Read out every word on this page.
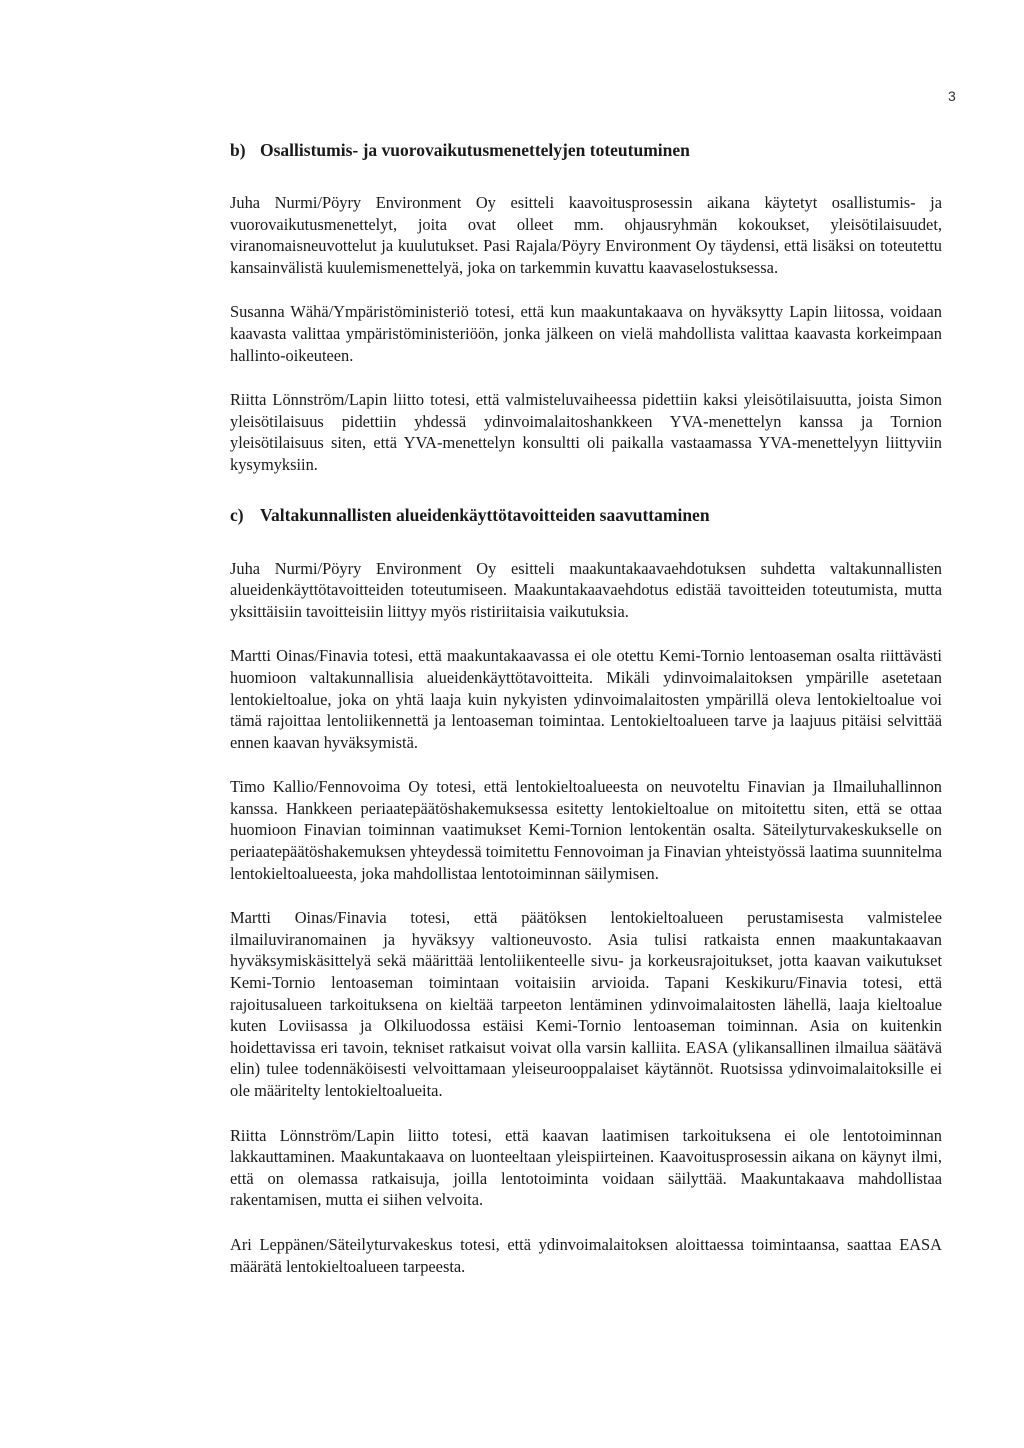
3
b) Osallistumis- ja vuorovaikutusmenettelyjen toteutuminen

Juha Nurmi/Pöyry Environment Oy esitteli kaavoitusprosessin aikana käytetyt osallistumis- ja vuorovaikutusmenettelyt, joita ovat olleet mm. ohjausryhmän kokoukset, yleisötilaisuudet, viranomaisneuvottelut ja kuulutukset. Pasi Rajala/Pöyry Environment Oy täydensi, että lisäksi on toteutettu kansainvälistä kuulemismenettelyä, joka on tarkemmin kuvattu kaavaselostuksessa.

Susanna Wähä/Ympäristöministeriö totesi, että kun maakuntakaava on hyväksytty Lapin liitossa, voidaan kaavasta valittaa ympäristöministeriöön, jonka jälkeen on vielä mahdollista valittaa kaavasta korkeimpaan hallinto-oikeuteen.

Riitta Lönnström/Lapin liitto totesi, että valmisteluvaiheessa pidettiin kaksi yleisötilaisuutta, joista Simon yleisötilaisuus pidettiin yhdessä ydinvoimalaitoshankkeen YVA-menettelyn kanssa ja Tornion yleisötilaisuus siten, että YVA-menettelyn konsultti oli paikalla vastaamassa YVA-menettelyyn liittyviin kysymyksiin.

c) Valtakunnallisten alueidenkäyttötavoitteiden saavuttaminen

Juha Nurmi/Pöyry Environment Oy esitteli maakuntakaavaehdotuksen suhdetta valtakunnallisten alueidenkäyttötavoitteiden toteutumiseen. Maakuntakaavaehdotus edistää tavoitteiden toteutumista, mutta yksittäisiin tavoitteisiin liittyy myös ristiriitaisia vaikutuksia.

Martti Oinas/Finavia totesi, että maakuntakaavassa ei ole otettu Kemi-Tornio lentoaseman osalta riittävästi huomioon valtakunnallisia alueidenkäyttötavoitteita. Mikäli ydinvoimalaitoksen ympärille asetetaan lentokieltoalue, joka on yhtä laaja kuin nykyisten ydinvoimalaitosten ympärillä oleva lentokieltoalue voi tämä rajoittaa lentoliikennettä ja lentoaseman toimintaa. Lentokieltoalueen tarve ja laajuus pitäisi selvittää ennen kaavan hyväksymistä.

Timo Kallio/Fennovoima Oy totesi, että lentokieltoalueesta on neuvoteltu Finavian ja Ilmailuhallinnon kanssa. Hankkeen periaatepäätöshakemuksessa esitetty lentokieltoalue on mitoitettu siten, että se ottaa huomioon Finavian toiminnan vaatimukset Kemi-Tornion lentokentän osalta. Säteilyturvakeskukselle on periaatepäätöshakemuksen yhteydessä toimitettu Fennovoiman ja Finavian yhteistyössä laatima suunnitelma lentokieltoalueesta, joka mahdollistaa lentotoiminnan säilymisen.

Martti Oinas/Finavia totesi, että päätöksen lentokieltoalueen perustamisesta valmistelee ilmailuviranomainen ja hyväksyy valtioneuvosto. Asia tulisi ratkaista ennen maakuntakaavan hyväksymiskäsittelyä sekä määrittää lentoliikenteelle sivu- ja korkeusrajoitukset, jotta kaavan vaikutukset Kemi-Tornio lentoaseman toimintaan voitaisiin arvioida. Tapani Keskikuru/Finavia totesi, että rajoitusalueen tarkoituksena on kieltää tarpeeton lentäminen ydinvoimalaitosten lähellä, laaja kieltoalue kuten Loviisassa ja Olkiluodossa estäisi Kemi-Tornio lentoaseman toiminnan. Asia on kuitenkin hoidettavissa eri tavoin, tekniset ratkaisut voivat olla varsin kalliita. EASA (ylikansallinen ilmailua säätävä elin) tulee todennäköisesti velvoittamaan yleiseurooppalaiset käytännöt. Ruotsissa ydinvoimalaitoksille ei ole määritelty lentokieltoalueita.

Riitta Lönnström/Lapin liitto totesi, että kaavan laatimisen tarkoituksena ei ole lentotoiminnan lakkauttaminen. Maakuntakaava on luonteeltaan yleispiirteinen. Kaavoitusprosessin aikana on käynyt ilmi, että on olemassa ratkaisuja, joilla lentotoiminta voidaan säilyttää. Maakuntakaava mahdollistaa rakentamisen, mutta ei siihen velvoita.

Ari Leppänen/Säteilyturvakeskus totesi, että ydinvoimalaitoksen aloittaessa toimintaansa, saattaa EASA määrätä lentokieltoalueen tarpeesta.
